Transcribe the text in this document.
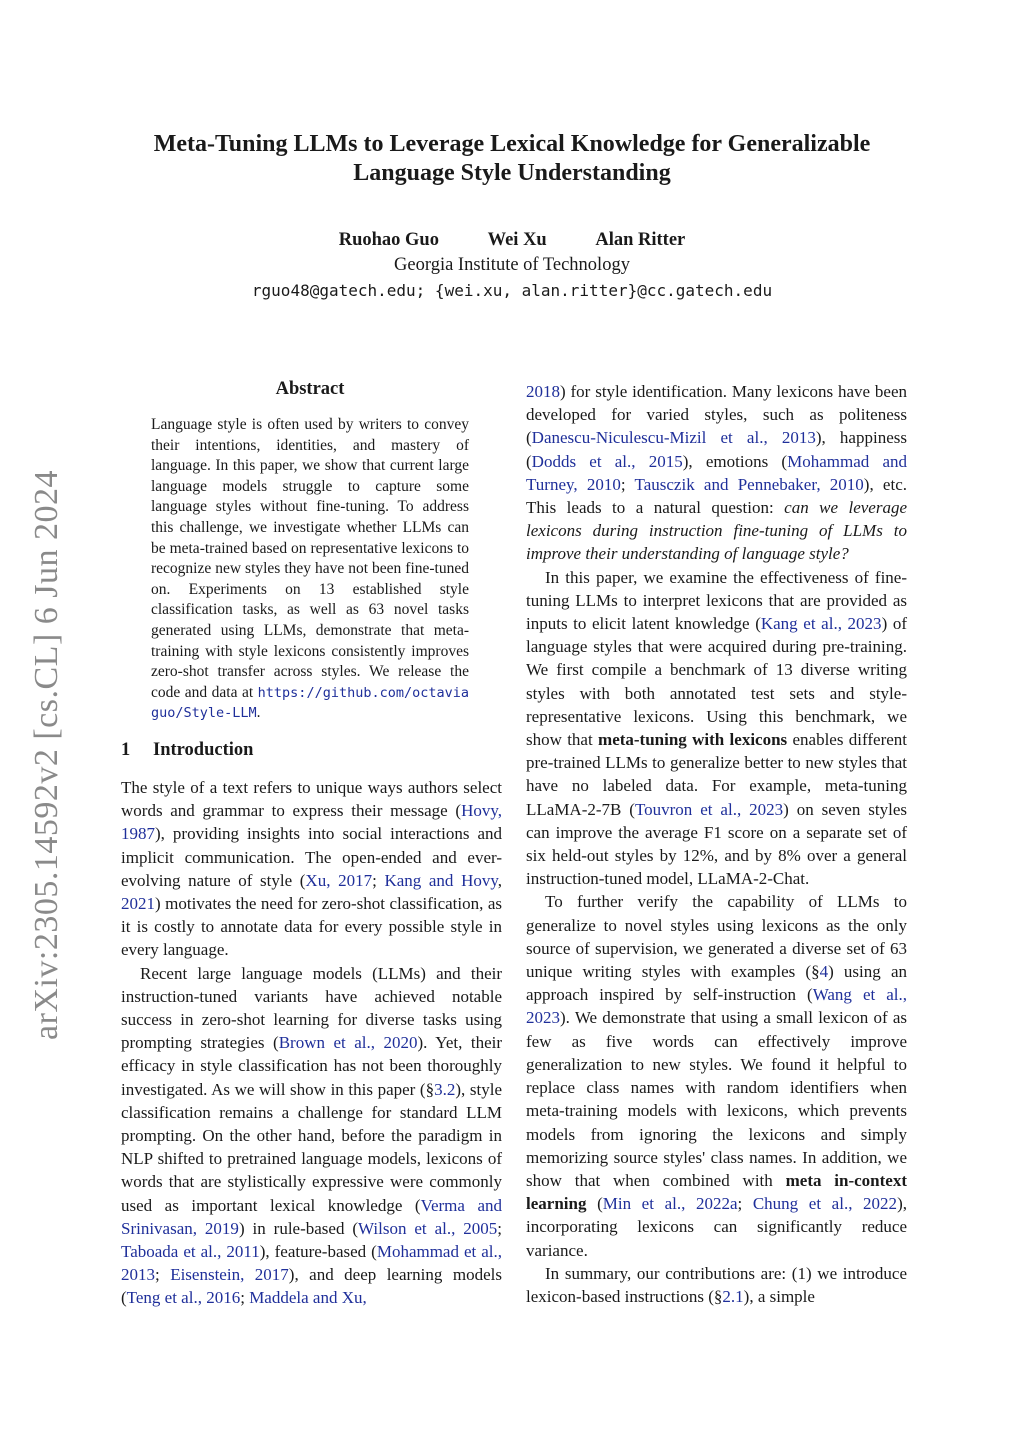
arXiv:2305.14592v2 [cs.CL] 6 Jun 2024
Meta-Tuning LLMs to Leverage Lexical Knowledge for Generalizable
Language Style Understanding
Ruohao Guo	Wei Xu	Alan Ritter
Georgia Institute of Technology
rguo48@gatech.edu; {wei.xu, alan.ritter}@cc.gatech.edu
Abstract
Language style is often used by writers to convey their intentions, identities, and mastery of language. In this paper, we show that current large language models struggle to capture some language styles without fine-tuning. To address this challenge, we investigate whether LLMs can be meta-trained based on representative lexicons to recognize new styles they have not been fine-tuned on. Experiments on 13 established style classification tasks, as well as 63 novel tasks generated using LLMs, demonstrate that meta-training with style lexicons consistently improves zero-shot transfer across styles. We release the code and data at https://github.com/octaviaguo/Style-LLM.
1 Introduction

The style of a text refers to unique ways authors select words and grammar to express their message (Hovy, 1987), providing insights into social interactions and implicit communication. The open-ended and ever-evolving nature of style (Xu, 2017; Kang and Hovy, 2021) motivates the need for zero-shot classification, as it is costly to annotate data for every possible style in every language.

Recent large language models (LLMs) and their instruction-tuned variants have achieved notable success in zero-shot learning for diverse tasks using prompting strategies (Brown et al., 2020). Yet, their efficacy in style classification has not been thoroughly investigated. As we will show in this paper (§3.2), style classification remains a challenge for standard LLM prompting. On the other hand, before the paradigm in NLP shifted to pretrained language models, lexicons of words that are stylistically expressive were commonly used as important lexical knowledge (Verma and Srinivasan, 2019) in rule-based (Wilson et al., 2005; Taboada et al., 2011), feature-based (Mohammad et al., 2013; Eisenstein, 2017), and deep learning models (Teng et al., 2016; Maddela and Xu,

2018) for style identification. Many lexicons have been developed for varied styles, such as politeness (Danescu-Niculescu-Mizil et al., 2013), happiness (Dodds et al., 2015), emotions (Mohammad and Turney, 2010; Tausczik and Pennebaker, 2010), etc. This leads to a natural question: can we leverage lexicons during instruction fine-tuning of LLMs to improve their understanding of language style?

In this paper, we examine the effectiveness of fine-tuning LLMs to interpret lexicons that are provided as inputs to elicit latent knowledge (Kang et al., 2023) of language styles that were acquired during pre-training. We first compile a benchmark of 13 diverse writing styles with both annotated test sets and style-representative lexicons. Using this benchmark, we show that meta-tuning with lexicons enables different pre-trained LLMs to generalize better to new styles that have no labeled data. For example, meta-tuning LLaMA-2-7B (Touvron et al., 2023) on seven styles can improve the average F1 score on a separate set of six held-out styles by 12%, and by 8% over a general instruction-tuned model, LLaMA-2-Chat.

To further verify the capability of LLMs to generalize to novel styles using lexicons as the only source of supervision, we generated a diverse set of 63 unique writing styles with examples (§4) using an approach inspired by self-instruction (Wang et al., 2023). We demonstrate that using a small lexicon of as few as five words can effectively improve generalization to new styles. We found it helpful to replace class names with random identifiers when meta-training models with lexicons, which prevents models from ignoring the lexicons and simply memorizing source styles' class names. In addition, we show that when combined with meta in-context learning (Min et al., 2022a; Chung et al., 2022), incorporating lexicons can significantly reduce variance.

In summary, our contributions are: (1) we introduce lexicon-based instructions (§2.1), a simple
